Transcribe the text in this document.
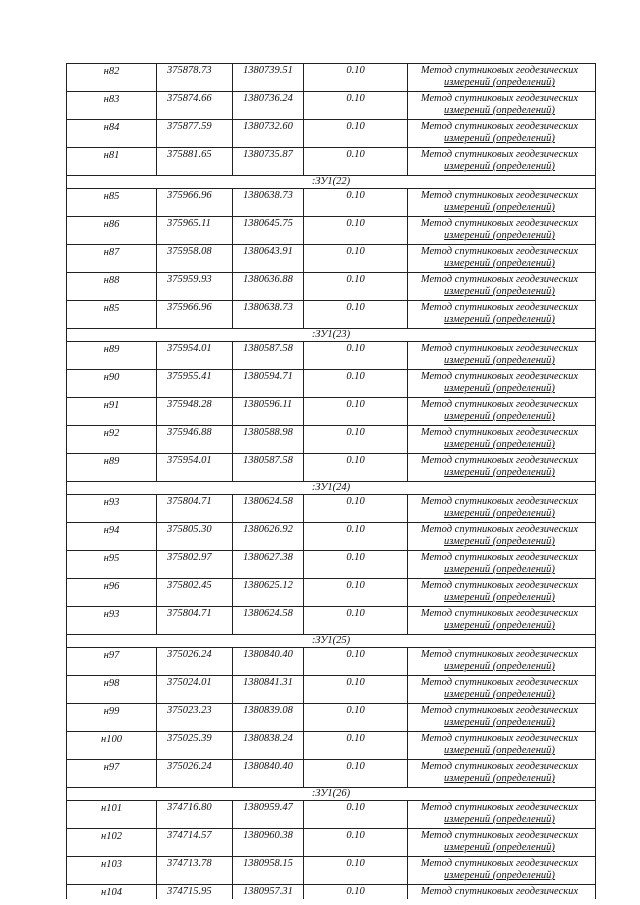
н82	375878.73	1380739.51	0.10	Метод спутниковых геодезических
измерений (определений)

н83	375874.66	1380736.24	0.10	Метод спутниковых геодезических
измерений (определений)

н84	375877.59	1380732.60	0.10	Метод спутниковых геодезических
измерений (определений)

н81	375881.65	1380735.87	0.10	Метод спутниковых геодезических
измерений (определений)

:ЗУ1(22)				
н85	375966.96	1380638.73	0.10	Метод спутниковых геодезических
измерений (определений)

н86	375965.11	1380645.75	0.10	Метод спутниковых геодезических
измерений (определений)

н87	375958.08	1380643.91	0.10	Метод спутниковых геодезических
измерений (определений)

н88	375959.93	1380636.88	0.10	Метод спутниковых геодезических
измерений (определений)

н85	375966.96	1380638.73	0.10	Метод спутниковых геодезических
измерений (определений)

:ЗУ1(23)				
н89	375954.01	1380587.58	0.10	Метод спутниковых геодезических
измерений (определений)

н90	375955.41	1380594.71	0.10	Метод спутниковых геодезических
измерений (определений)

н91	375948.28	1380596.11	0.10	Метод спутниковых геодезических
измерений (определений)

н92	375946.88	1380588.98	0.10	Метод спутниковых геодезических
измерений (определений)

н89	375954.01	1380587.58	0.10	Метод спутниковых геодезических
измерений (определений)

:ЗУ1(24)				
н93	375804.71	1380624.58	0.10	Метод спутниковых геодезических
измерений (определений)

н94	375805.30	1380626.92	0.10	Метод спутниковых геодезических
измерений (определений)

н95	375802.97	1380627.38	0.10	Метод спутниковых геодезических
измерений (определений)

н96	375802.45	1380625.12	0.10	Метод спутниковых геодезических
измерений (определений)

н93	375804.71	1380624.58	0.10	Метод спутниковых геодезических
измерений (определений)

:ЗУ1(25)				
н97	375026.24	1380840.40	0.10	Метод спутниковых геодезических
измерений (определений)

н98	375024.01	1380841.31	0.10	Метод спутниковых геодезических
измерений (определений)

н99	375023.23	1380839.08	0.10	Метод спутниковых геодезических
измерений (определений)

н100	375025.39	1380838.24	0.10	Метод спутниковых геодезических
измерений (определений)

н97	375026.24	1380840.40	0.10	Метод спутниковых геодезических
измерений (определений)

:ЗУ1(26)				
н101	374716.80	1380959.47	0.10	Метод спутниковых геодезических
измерений (определений)

н102	374714.57	1380960.38	0.10	Метод спутниковых геодезических
измерений (определений)

н103	374713.78	1380958.15	0.10	Метод спутниковых геодезических
измерений (определений)

н104	374715.95	1380957.31	0.10	Метод спутниковых геодезических
